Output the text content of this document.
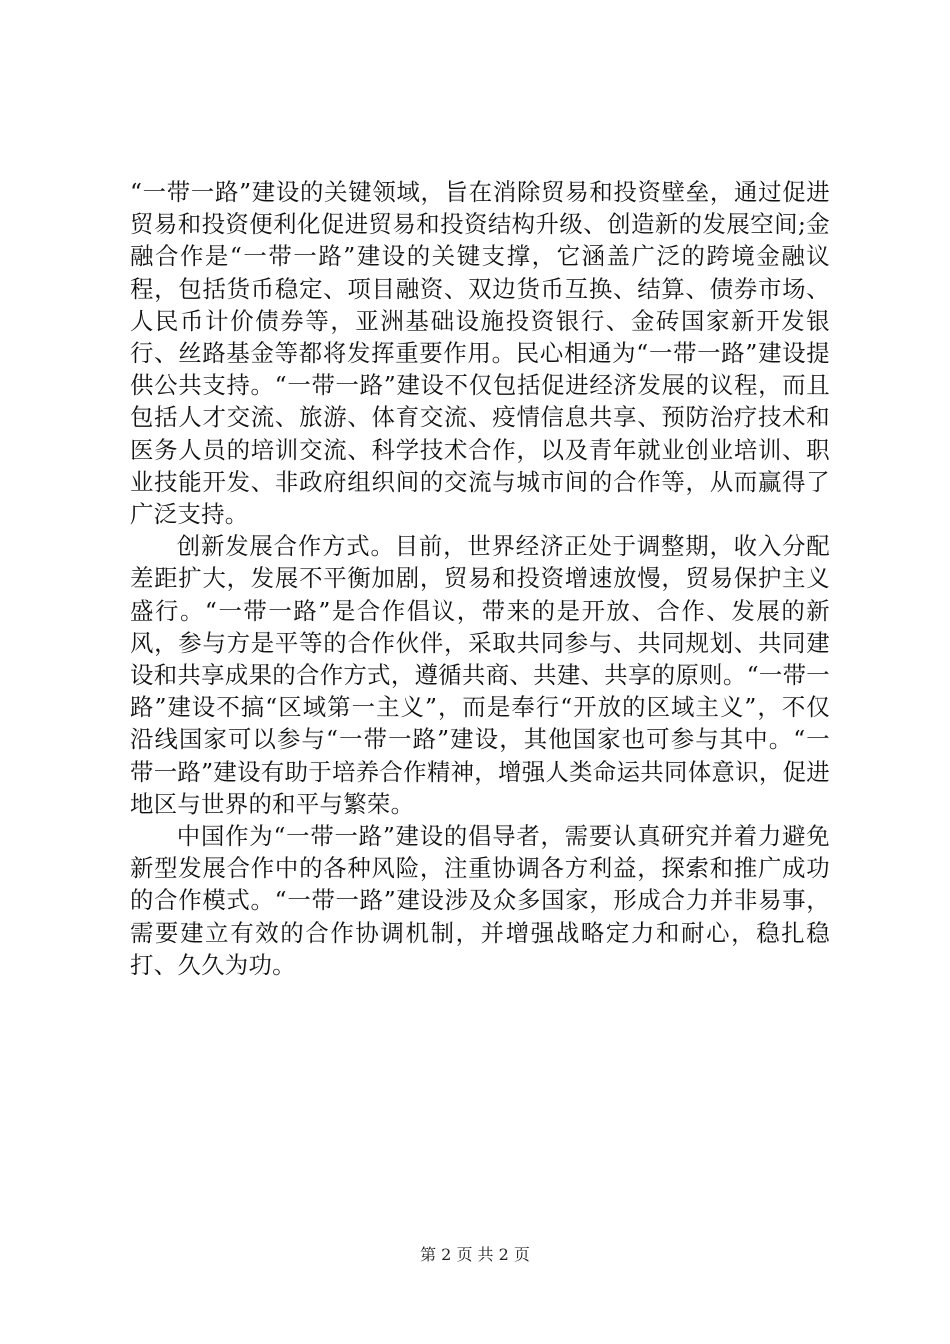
“一带一路”建设的关键领域，旨在消除贸易和投资壁垒，通过促进贸易和投资便利化促进贸易和投资结构升级、创造新的发展空间;金融合作是“一带一路”建设的关键支撑，它涵盖广泛的跨境金融议程，包括货币稳定、项目融资、双边货币互换、结算、债券市场、人民币计价债券等，亚洲基础设施投资银行、金砖国家新开发银行、丝路基金等都将发挥重要作用。民心相通为“一带一路”建设提供公共支持。“一带一路”建设不仅包括促进经济发展的议程，而且包括人才交流、旅游、体育交流、疫情信息共享、预防治疗技术和医务人员的培训交流、科学技术合作，以及青年就业创业培训、职业技能开发、非政府组织间的交流与城市间的合作等，从而赢得了广泛支持。

创新发展合作方式。目前，世界经济正处于调整期，收入分配差距扩大，发展不平衡加剧，贸易和投资增速放慢，贸易保护主义盛行。“一带一路”是合作倡议，带来的是开放、合作、发展的新风，参与方是平等的合作伙伴，采取共同参与、共同规划、共同建设和共享成果的合作方式，遵循共商、共建、共享的原则。“一带一路”建设不搞“区域第一主义”，而是奉行“开放的区域主义”，不仅沿线国家可以参与“一带一路”建设，其他国家也可参与其中。“一带一路”建设有助于培养合作精神，增强人类命运共同体意识，促进地区与世界的和平与繁荣。

中国作为“一带一路”建设的倡导者，需要认真研究并着力避免新型发展合作中的各种风险，注重协调各方利益，探索和推广成功的合作模式。“一带一路”建设涉及众多国家，形成合力并非易事，需要建立有效的合作协调机制，并增强战略定力和耐心，稳扎稳打、久久为功。

第 2 页 共 2 页
